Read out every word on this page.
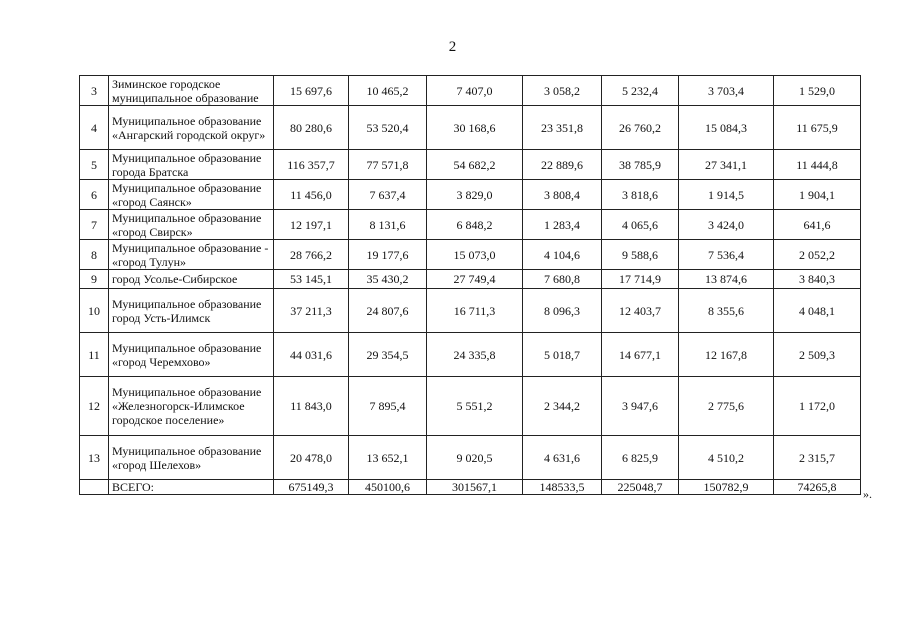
2
3	Зиминское городское муниципальное образование	15 697,6	10 465,2	7 407,0	3 058,2	5 232,4	3 703,4	1 529,0
4	Муниципальное образование «Ангарский городской округ»	80 280,6	53 520,4	30 168,6	23 351,8	26 760,2	15 084,3	11 675,9
5	Муниципальное образование города Братска	116 357,7	77 571,8	54 682,2	22 889,6	38 785,9	27 341,1	11 444,8
6	Муниципальное образование «город Саянск»	11 456,0	7 637,4	3 829,0	3 808,4	3 818,6	1 914,5	1 904,1
7	Муниципальное образование «город Свирск»	12 197,1	8 131,6	6 848,2	1 283,4	4 065,6	3 424,0	641,6
8	Муниципальное образование - «город Тулун»	28 766,2	19 177,6	15 073,0	4 104,6	9 588,6	7 536,4	2 052,2
9	город Усолье-Сибирское	53 145,1	35 430,2	27 749,4	7 680,8	17 714,9	13 874,6	3 840,3
10	Муниципальное образование город Усть-Илимск	37 211,3	24 807,6	16 711,3	8 096,3	12 403,7	8 355,6	4 048,1
11	Муниципальное образование «город Черемхово»	44 031,6	29 354,5	24 335,8	5 018,7	14 677,1	12 167,8	2 509,3
12	Муниципальное образование «Железногорск-Илимское городское поселение»	11 843,0	7 895,4	5 551,2	2 344,2	3 947,6	2 775,6	1 172,0
13	Муниципальное образование «город Шелехов»	20 478,0	13 652,1	9 020,5	4 631,6	6 825,9	4 510,2	2 315,7
	ВСЕГО:	675149,3	450100,6	301567,1	148533,5	225048,7	150782,9	74265,8 ».
